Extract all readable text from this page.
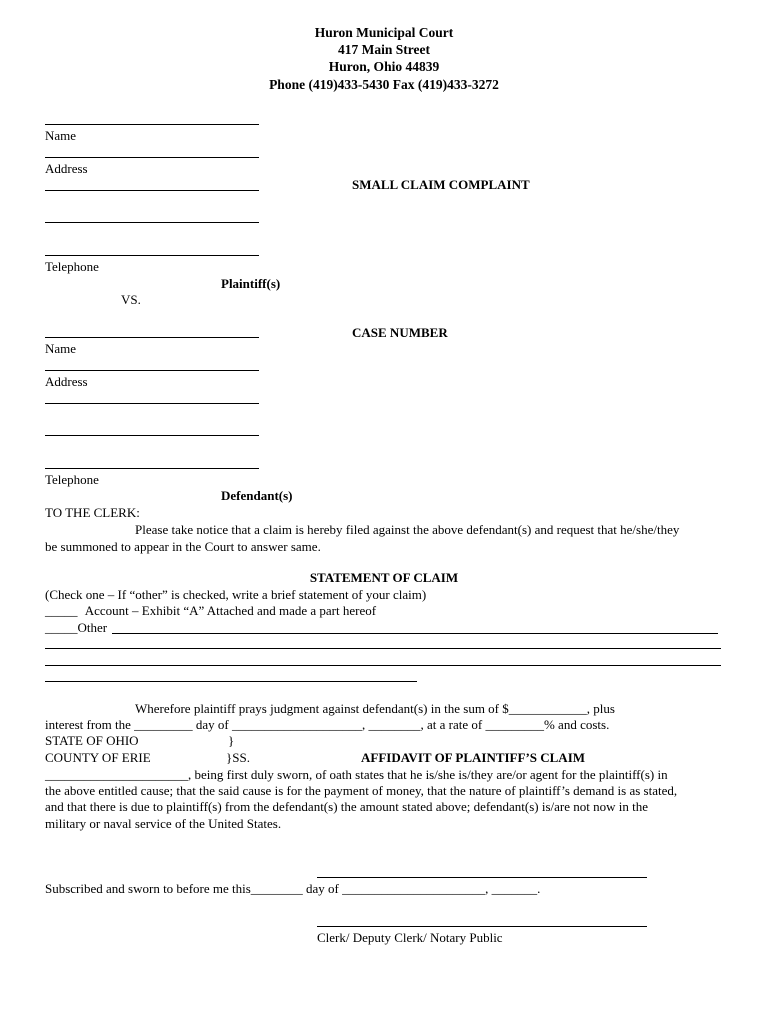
Huron Municipal Court
417 Main Street
Huron, Ohio 44839
Phone (419)433-5430 Fax (419)433-3272
Name
Address
Telephone
Plaintiff(s)
SMALL CLAIM COMPLAINT
VS.
CASE NUMBER
Name
Address
Telephone
Defendant(s)
TO THE CLERK:
Please take notice that a claim is hereby filed against the above defendant(s) and request that he/she/they
be summoned to appear in the Court to answer same.
STATEMENT OF CLAIM
(Check one – If “other” is checked, write a brief statement of your claim)
_____ Account – Exhibit “A” Attached and made a part hereof
_____Other
Wherefore plaintiff prays judgment against defendant(s) in the sum of $____________, plus
interest from the _________ day of ____________________, ________, at a rate of _________% and costs.
STATE OF OHIO	}
COUNTY OF ERIE	}SS.	AFFIDAVIT OF PLAINTIFF’S CLAIM
______________________, being first duly sworn, of oath states that he is/she is/they are/or agent for the plaintiff(s) in
the above entitled cause; that the said cause is for the payment of money, that the nature of plaintiff’s demand is as stated,
and that there is due to plaintiff(s) from the defendant(s) the amount stated above; defendant(s) is/are not now in the
military or naval service of the United States.
Subscribed and sworn to before me this________ day of ______________________, _______.
Clerk/ Deputy Clerk/ Notary Public
